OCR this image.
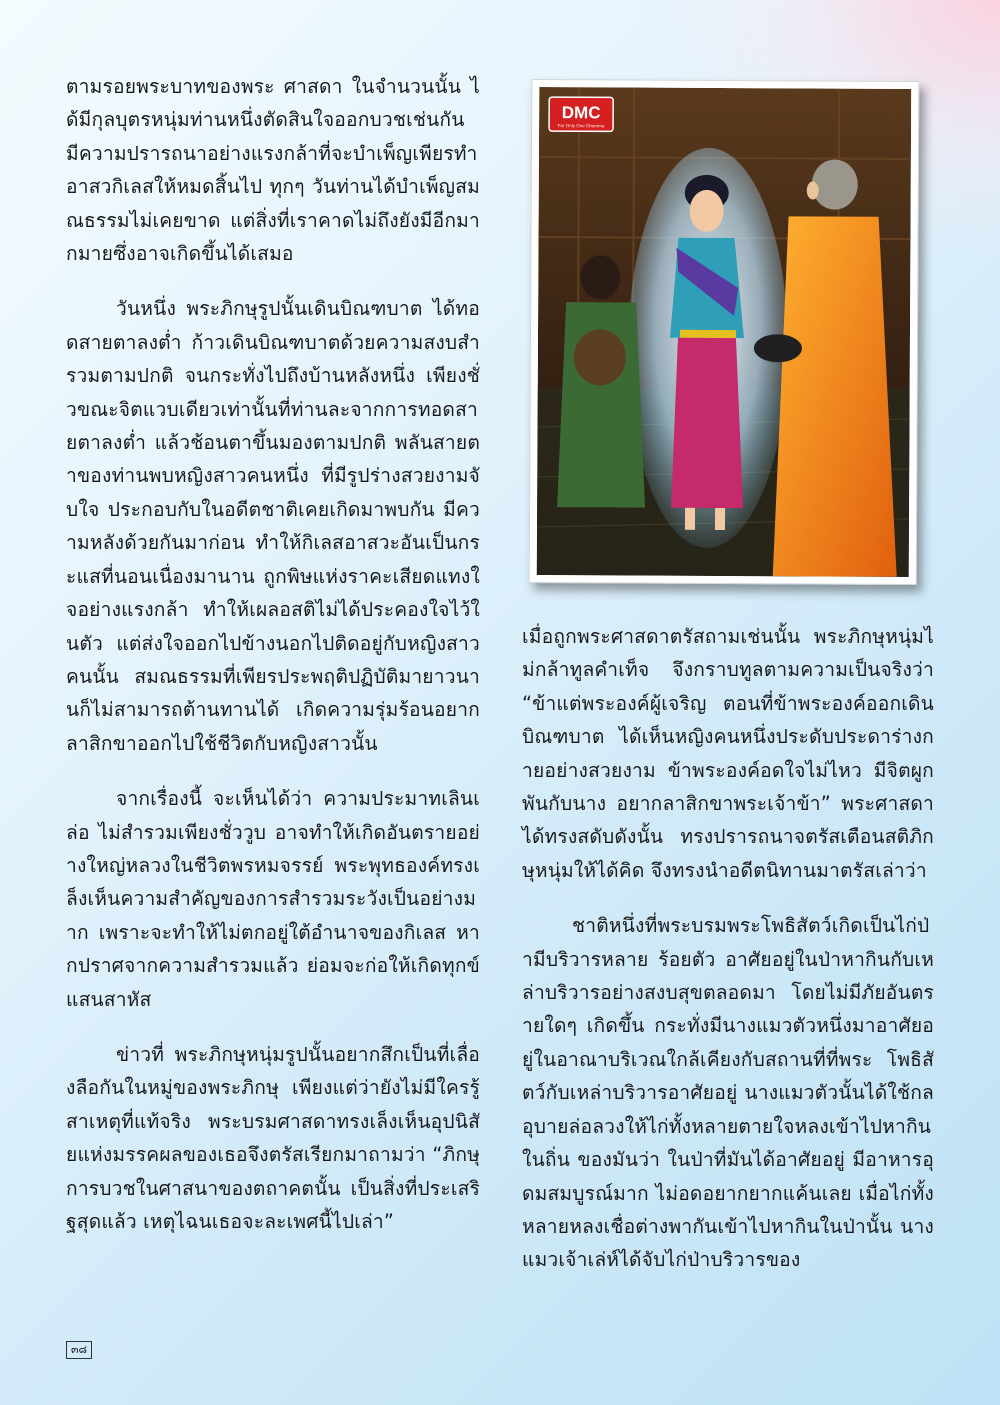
ตามรอยพระบาทของพระ ศาสดา ในจำนวนนั้น ได้มีกุลบุตรหนุ่มท่านหนึ่งตัดสินใจออกบวชเช่นกัน มีความปรารถนาอย่างแรงกล้าที่จะบำเพ็ญเพียรทำอาสวกิเลสให้หมดสิ้นไป ทุกๆ วันท่านได้บำเพ็ญสมณธรรมไม่เคยขาด แต่สิ่งที่เราคาดไม่ถึงยังมีอีกมากมายซึ่งอาจเกิดขึ้นได้เสมอ

วันหนึ่ง พระภิกษุรูปนั้นเดินบิณฑบาต ได้ทอดสายตาลงต่ำ ก้าวเดินบิณฑบาตด้วยความสงบสำรวมตามปกติ จนกระทั่งไปถึงบ้านหลังหนึ่ง เพียงชั่วขณะจิตแวบเดียวเท่านั้นที่ท่านละจากการทอดสายตาลงต่ำ แล้วช้อนตาขึ้นมองตามปกติ พลันสายตาของท่านพบหญิงสาวคนหนึ่ง ที่มีรูปร่างสวยงามจับใจ ประกอบกับในอดีตชาติเคยเกิดมาพบกัน มีความหลังด้วยกันมาก่อน ทำให้กิเลสอาสวะอันเป็นกระแสที่นอนเนื่องมานาน ถูกพิษแห่งราคะเสียดแทงใจอย่างแรงกล้า ทำให้เผลอสติไม่ได้ประคองใจไว้ในตัว แต่ส่งใจออกไปข้างนอกไปติดอยู่กับหญิงสาวคนนั้น สมณธรรมที่เพียรประพฤติปฏิบัติมายาวนานก็ไม่สามารถต้านทานได้ เกิดความรุ่มร้อนอยากลาสิกขาออกไปใช้ชีวิตกับหญิงสาวนั้น

จากเรื่องนี้ จะเห็นได้ว่า ความประมาทเลินเล่อ ไม่สำรวมเพียงชั่ววูบ อาจทำให้เกิดอันตรายอย่างใหญ่หลวงในชีวิตพรหมจรรย์ พระพุทธองค์ทรงเล็งเห็นความสำคัญของการสำรวมระวังเป็นอย่างมาก เพราะจะทำให้ไม่ตกอยู่ใต้อำนาจของกิเลส หากปราศจากความสำรวมแล้ว ย่อมจะก่อให้เกิดทุกข์แสนสาหัส

ข่าวที่ พระภิกษุหนุ่มรูปนั้นอยากสึกเป็นที่เลื่องลือกันในหมู่ของพระภิกษุ เพียงแต่ว่ายังไม่มีใครรู้สาเหตุที่แท้จริง พระบรมศาสดาทรงเล็งเห็นอุปนิสัยแห่งมรรคผลของเธอจึงตรัสเรียกมาถามว่า “ภิกษุ การบวชในศาสนาของตถาคตนั้น เป็นสิ่งที่ประเสริฐสุดแล้ว เหตุไฉนเธอจะละเพศนี้ไปเล่า”

DMC
For Only One Dhamma

เมื่อถูกพระศาสดาตรัสถามเช่นนั้น พระภิกษุหนุ่มไม่กล้าทูลคำเท็จ จึงกราบทูลตามความเป็นจริงว่า “ข้าแต่พระองค์ผู้เจริญ ตอนที่ข้าพระองค์ออกเดินบิณฑบาต ได้เห็นหญิงคนหนึ่งประดับประดาร่างกายอย่างสวยงาม ข้าพระองค์อดใจไม่ไหว มีจิตผูกพันกับนาง อยากลาสิกขาพระเจ้าข้า” พระศาสดาได้ทรงสดับดังนั้น ทรงปรารถนาจตรัสเตือนสติภิกษุหนุ่มให้ได้คิด จึงทรงนำอดีตนิทานมาตรัสเล่าว่า

ชาติหนึ่งที่พระบรมพระโพธิสัตว์เกิดเป็นไก่ป่ามีบริวารหลาย ร้อยตัว อาศัยอยู่ในป่าหากินกับเหล่าบริวารอย่างสงบสุขตลอดมา โดยไม่มีภัยอันตรายใดๆ เกิดขึ้น กระทั่งมีนางแมวตัวหนึ่งมาอาศัยอยู่ในอาณาบริเวณใกล้เคียงกับสถานที่ที่พระ โพธิสัตว์กับเหล่าบริวารอาศัยอยู่ นางแมวตัวนั้นได้ใช้กลอุบายล่อลวงให้ไก่ทั้งหลายตายใจหลงเข้าไปหากินในถิ่น ของมันว่า ในป่าที่มันได้อาศัยอยู่ มีอาหารอุดมสมบูรณ์มาก ไม่อดอยากยากแค้นเลย เมื่อไก่ทั้งหลายหลงเชื่อต่างพากันเข้าไปหากินในป่านั้น นางแมวเจ้าเล่ห์ได้จับไก่ป่าบริวารของ

๓๘
